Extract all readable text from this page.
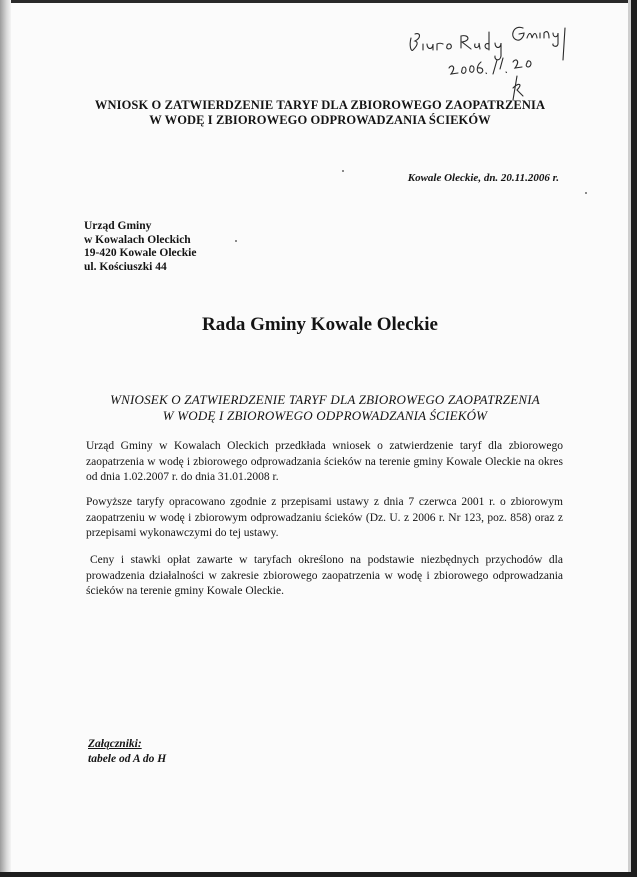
WNIOSK O ZATWIERDZENIE TARYF DLA ZBIOROWEGO ZAOPATRZENIA
W WODĘ I ZBIOROWEGO ODPROWADZANIA ŚCIEKÓW
Kowale Oleckie, dn. 20.11.2006 r.
Urząd Gminy
w Kowalach Oleckich
19-420 Kowale Oleckie
ul. Kościuszki 44
Rada Gminy Kowale Oleckie
WNIOSEK O ZATWIERDZENIE TARYF DLA ZBIOROWEGO ZAOPATRZENIA
W WODĘ I ZBIOROWEGO ODPROWADZANIA ŚCIEKÓW
Urząd Gminy w Kowalach Oleckich przedkłada wniosek o zatwierdzenie taryf dla zbiorowego zaopatrzenia w wodę i zbiorowego odprowadzania ścieków na terenie gminy Kowale Oleckie na okres od dnia 1.02.2007 r. do dnia 31.01.2008 r.
Powyższe taryfy opracowano zgodnie z przepisami ustawy z dnia 7 czerwca 2001 r. o zbiorowym zaopatrzeniu w wodę i zbiorowym odprowadzaniu ścieków (Dz. U. z 2006 r. Nr 123, poz. 858) oraz z przepisami wykonawczymi do tej ustawy.
Ceny i stawki opłat zawarte w taryfach określono na podstawie niezbędnych przychodów dla prowadzenia działalności w zakresie zbiorowego zaopatrzenia w wodę i zbiorowego odprowadzania ścieków na terenie gminy Kowale Oleckie.
Załączniki:
tabele od A do H
